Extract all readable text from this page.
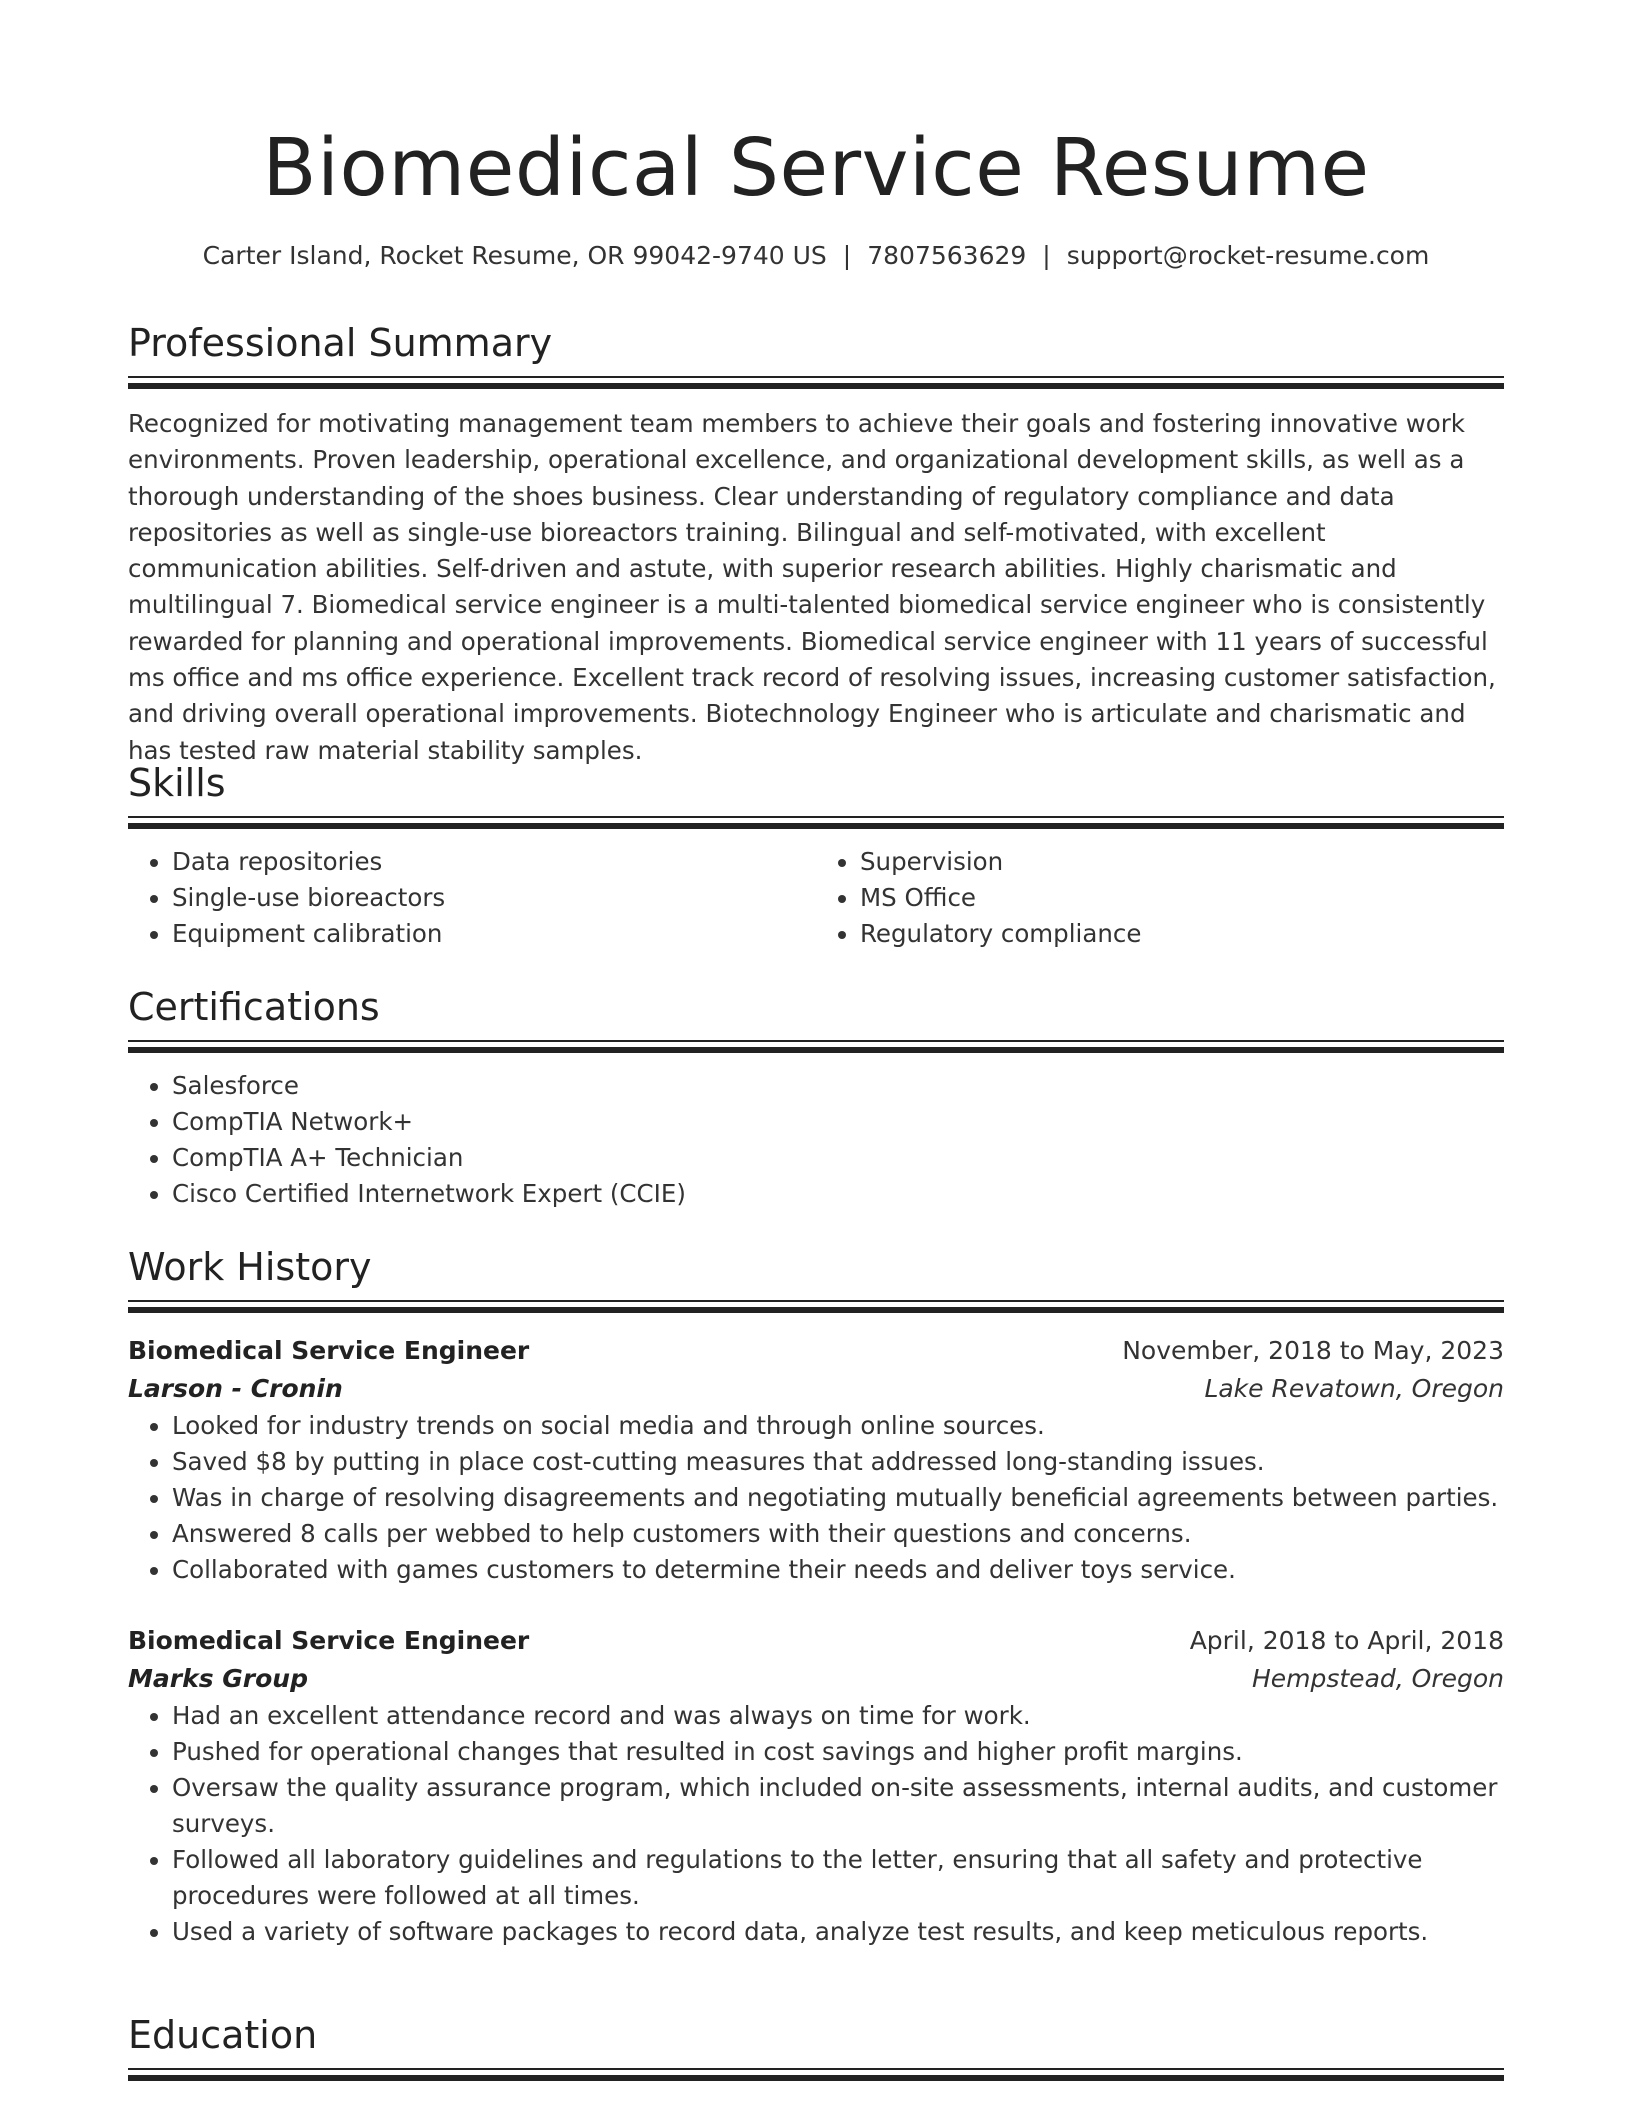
Biomedical Service Resume
Carter Island, Rocket Resume, OR 99042-9740 US | 7807563629 | support@rocket-resume.com
Professional Summary

Recognized for motivating management team members to achieve their goals and fostering innovative work environments. Proven leadership, operational excellence, and organizational development skills, as well as a thorough understanding of the shoes business. Clear understanding of regulatory compliance and data repositories as well as single-use bioreactors training. Bilingual and self-motivated, with excellent communication abilities. Self-driven and astute, with superior research abilities. Highly charismatic and multilingual 7. Biomedical service engineer is a multi-talented biomedical service engineer who is consistently rewarded for planning and operational improvements. Biomedical service engineer with 11 years of successful ms office and ms office experience. Excellent track record of resolving issues, increasing customer satisfaction, and driving overall operational improvements. Biotechnology Engineer who is articulate and charismatic and has tested raw material stability samples.

Skills
• Data repositories
• Single-use bioreactors
• Equipment calibration
• Supervision
• MS Office
• Regulatory compliance
Certifications
• Salesforce
• CompTIA Network+
• CompTIA A+ Technician
• Cisco Certified Internetwork Expert (CCIE)
Work History
Biomedical Service Engineer	November, 2018 to May, 2023
Larson - Cronin	Lake Revatown, Oregon
• Looked for industry trends on social media and through online sources.
• Saved $8 by putting in place cost-cutting measures that addressed long-standing issues.
• Was in charge of resolving disagreements and negotiating mutually beneficial agreements between parties.
• Answered 8 calls per webbed to help customers with their questions and concerns.
• Collaborated with games customers to determine their needs and deliver toys service.
Biomedical Service Engineer	April, 2018 to April, 2018
Marks Group	Hempstead, Oregon
• Had an excellent attendance record and was always on time for work.
• Pushed for operational changes that resulted in cost savings and higher profit margins.
• Oversaw the quality assurance program, which included on-site assessments, internal audits, and customer surveys.
• Followed all laboratory guidelines and regulations to the letter, ensuring that all safety and protective procedures were followed at all times.
• Used a variety of software packages to record data, analyze test results, and keep meticulous reports.
Education
